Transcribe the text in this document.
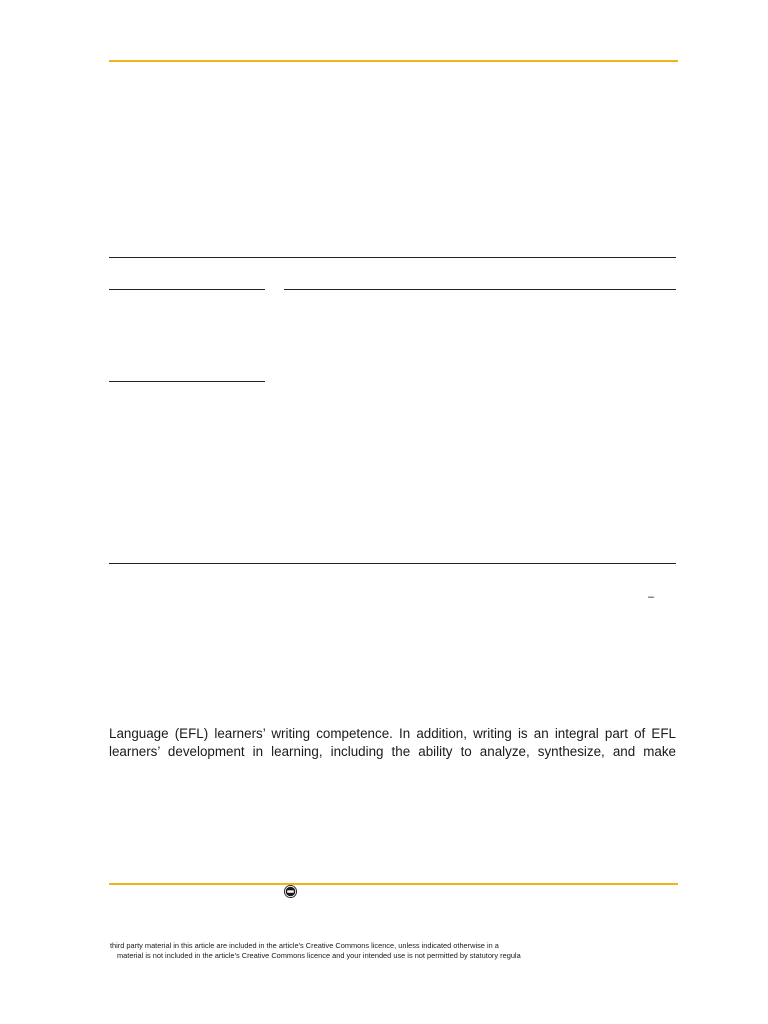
–
Language (EFL) learners’ writing competence. In addition, writing is an integral part of EFL
learners’ development in learning, including the ability to analyze, synthesize, and make
third party material in this article are included in the article’s Creative Commons licence, unless indicated otherwise in a
material is not included in the article’s Creative Commons licence and your intended use is not permitted by statutory regula
